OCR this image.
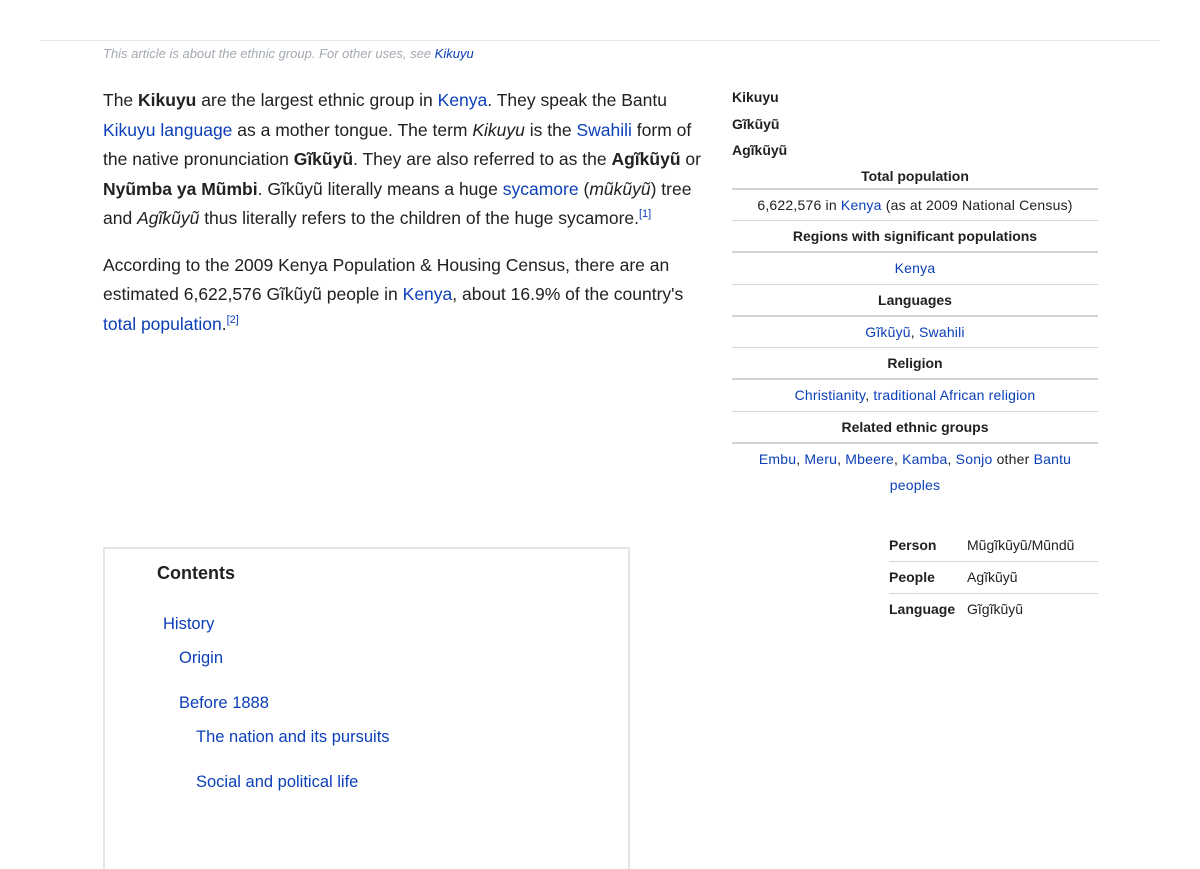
This article is about the ethnic group. For other uses, see Kikuyu

The Kikuyu are the largest ethnic group in Kenya. They speak the Bantu Kikuyu language as a mother tongue. The term Kikuyu is the Swahili form of the native pronunciation Gĩkũyũ. They are also referred to as the Agĩkũyũ or Nyũmba ya Mũmbi. Gĩkũyũ literally means a huge sycamore (mũkũyũ) tree and Agĩkũyũ thus literally refers to the children of the huge sycamore.[1]

According to the 2009 Kenya Population & Housing Census, there are an estimated 6,622,576 Gĩkũyũ people in Kenya, about 16.9% of the country's total population.[2]

Kikuyu
Gĩkũyũ
Agĩkũyũ
Total population
6,622,576 in Kenya (as at 2009 National Census)
Regions with significant populations
Kenya
Languages
Gĩkũyũ, Swahili
Religion
Christianity, traditional African religion
Related ethnic groups
Embu, Meru, Mbeere, Kamba, Sonjo other Bantu peoples
Person	Mũgĩkũyũ/Mũndũ
People	Agĩkũyũ
Language	Gĩgĩkũyũ
Contents
History
Origin
Before 1888
The nation and its pursuits
Social and political life
